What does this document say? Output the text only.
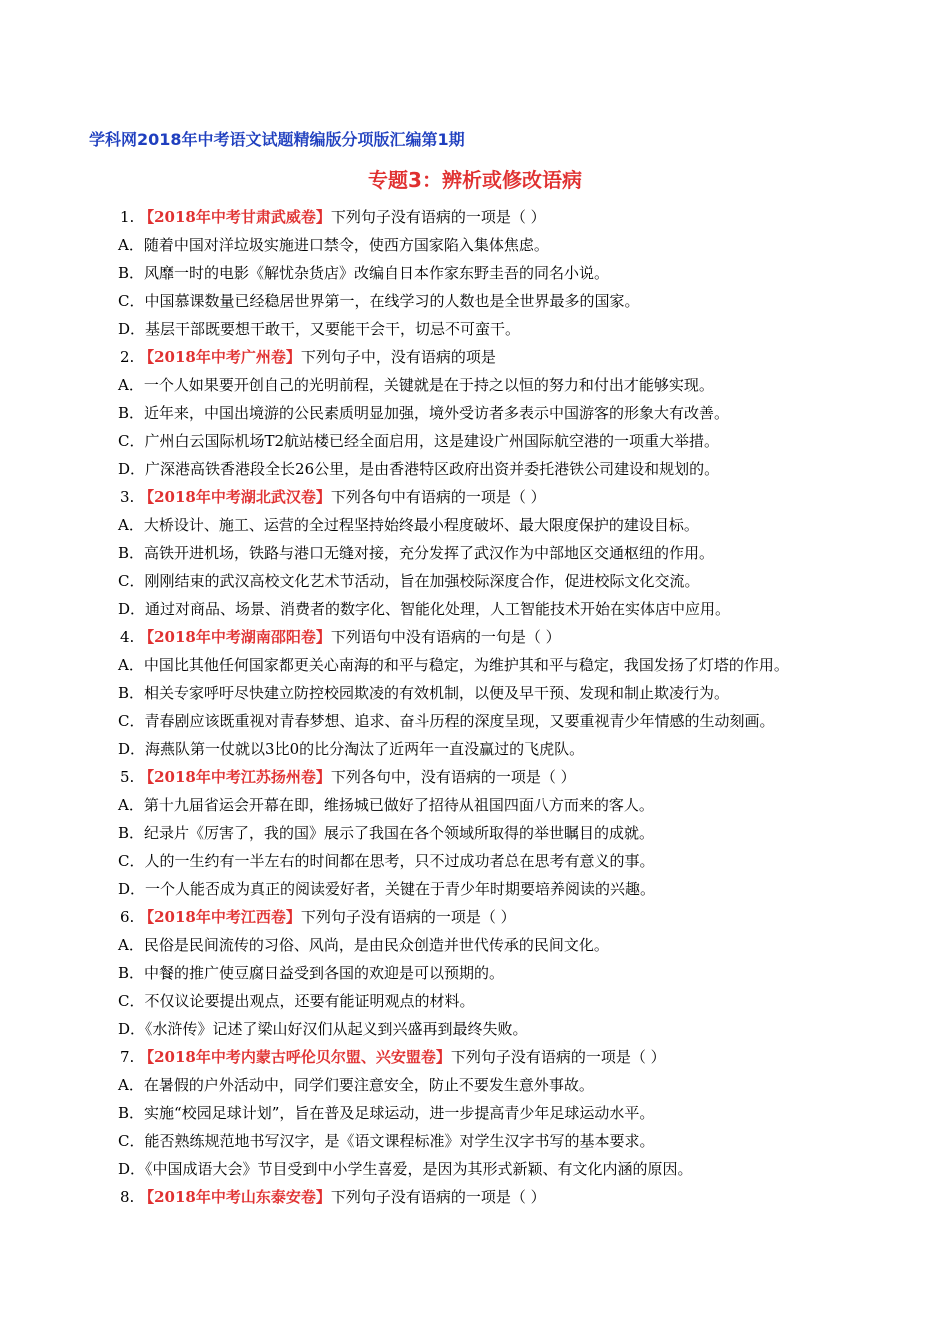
学科网2018年中考语文试题精编版分项版汇编第1期
专题3：辨析或修改语病
1. 【2018年中考甘肃武威卷】下列句子没有语病的一项是（ ）
A．随着中国对洋垃圾实施进口禁令，使西方国家陷入集体焦虑。
B．风靡一时的电影《解忧杂货店》改编自日本作家东野圭吾的同名小说。
C．中国慕课数量已经稳居世界第一，在线学习的人数也是全世界最多的国家。
D．基层干部既要想干敢干，又要能干会干，切忌不可蛮干。
2. 【2018年中考广州卷】下列句子中，没有语病的项是
A．一个人如果要开创自己的光明前程，关键就是在于持之以恒的努力和付出才能够实现。
B．近年来，中国出境游的公民素质明显加强，境外受访者多表示中国游客的形象大有改善。
C．广州白云国际机场T2航站楼已经全面启用，这是建设广州国际航空港的一项重大举措。
D．广深港高铁香港段全长26公里，是由香港特区政府出资并委托港铁公司建设和规划的。
3. 【2018年中考湖北武汉卷】下列各句中有语病的一项是（ ）
A．大桥设计、施工、运营的全过程坚持始终最小程度破坏、最大限度保护的建设目标。
B．高铁开进机场，铁路与港口无缝对接，充分发挥了武汉作为中部地区交通枢纽的作用。
C．刚刚结束的武汉高校文化艺术节活动，旨在加强校际深度合作，促进校际文化交流。
D．通过对商品、场景、消费者的数字化、智能化处理，人工智能技术开始在实体店中应用。
4. 【2018年中考湖南邵阳卷】下列语句中没有语病的一句是（ ）
A．中国比其他任何国家都更关心南海的和平与稳定，为维护其和平与稳定，我国发扬了灯塔的作用。
B．相关专家呼吁尽快建立防控校园欺凌的有效机制，以便及早干预、发现和制止欺凌行为。
C．青春剧应该既重视对青春梦想、追求、奋斗历程的深度呈现，又要重视青少年情感的生动刻画。
D．海燕队第一仗就以3比0的比分淘汰了近两年一直没赢过的飞虎队。
5. 【2018年中考江苏扬州卷】下列各句中，没有语病的一项是（ ）
A．第十九届省运会开幕在即，维扬城已做好了招待从祖国四面八方而来的客人。
B．纪录片《厉害了，我的国》展示了我国在各个领域所取得的举世瞩目的成就。
C．人的一生约有一半左右的时间都在思考，只不过成功者总在思考有意义的事。
D．一个人能否成为真正的阅读爱好者，关键在于青少年时期要培养阅读的兴趣。
6. 【2018年中考江西卷】下列句子没有语病的一项是（ ）
A．民俗是民间流传的习俗、风尚，是由民众创造并世代传承的民间文化。
B．中餐的推广使豆腐日益受到各国的欢迎是可以预期的。
C．不仅议论要提出观点，还要有能证明观点的材料。
D．《水浒传》记述了梁山好汉们从起义到兴盛再到最终失败。
7. 【2018年中考内蒙古呼伦贝尔盟、兴安盟卷】下列句子没有语病的一项是（ ）
A．在暑假的户外活动中，同学们要注意安全，防止不要发生意外事故。
B．实施“校园足球计划”，旨在普及足球运动，进一步提高青少年足球运动水平。
C．能否熟练规范地书写汉字，是《语文课程标准》对学生汉字书写的基本要求。
D．《中国成语大会》节目受到中小学生喜爱，是因为其形式新颖、有文化内涵的原因。
8. 【2018年中考山东泰安卷】下列句子没有语病的一项是（ ）
